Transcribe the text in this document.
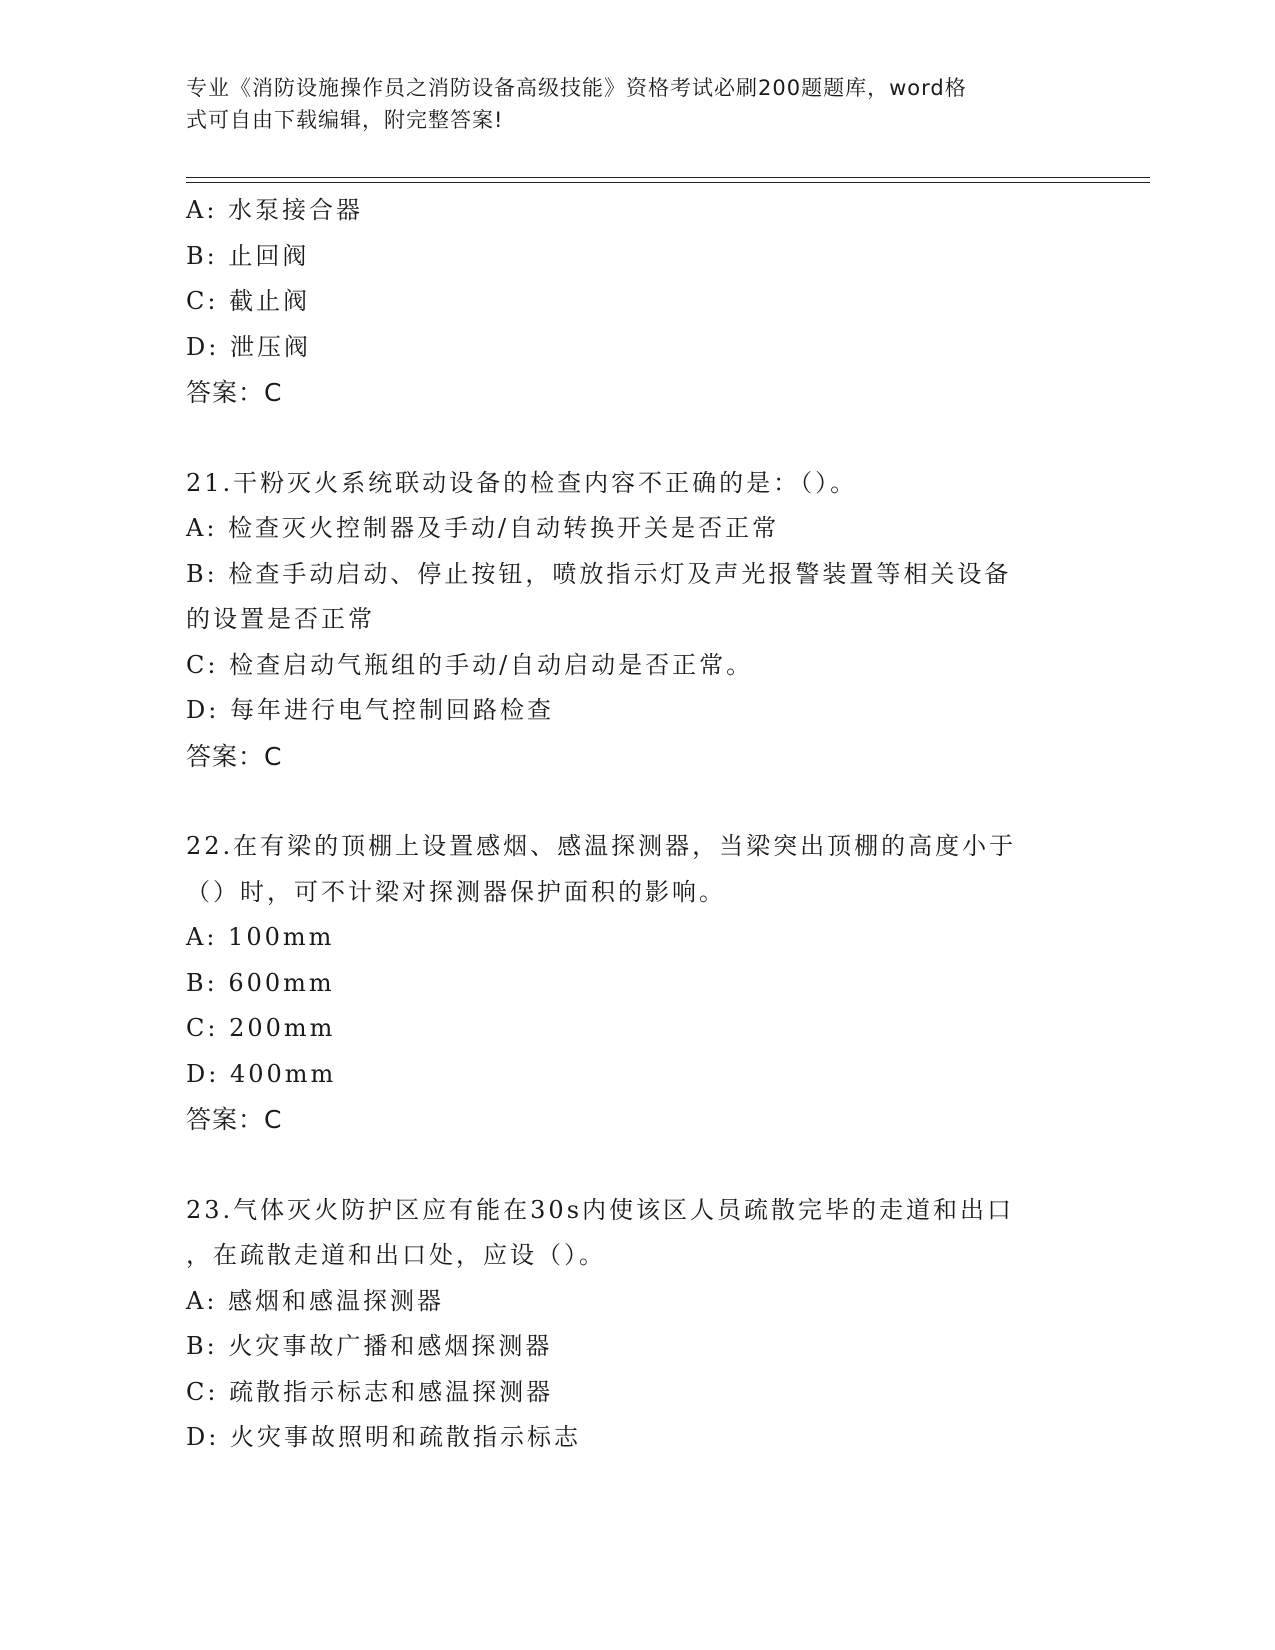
专业《消防设施操作员之消防设备高级技能》资格考试必刷200题题库，word格
式可自由下载编辑，附完整答案!
A: 水泵接合器
B: 止回阀
C: 截止阀
D: 泄压阀
答案：C
21.干粉灭火系统联动设备的检查内容不正确的是：（）。
A: 检查灭火控制器及手动/自动转换开关是否正常
B: 检查手动启动、停止按钮，喷放指示灯及声光报警装置等相关设备
的设置是否正常
C: 检查启动气瓶组的手动/自动启动是否正常。
D: 每年进行电气控制回路检查
答案：C
22.在有梁的顶棚上设置感烟、感温探测器，当梁突出顶棚的高度小于
（）时，可不计梁对探测器保护面积的影响。
A: 100mm
B: 600mm
C: 200mm
D: 400mm
答案：C
23.气体灭火防护区应有能在30s内使该区人员疏散完毕的走道和出口
，在疏散走道和出口处，应设（）。
A: 感烟和感温探测器
B: 火灾事故广播和感烟探测器
C: 疏散指示标志和感温探测器
D: 火灾事故照明和疏散指示标志
